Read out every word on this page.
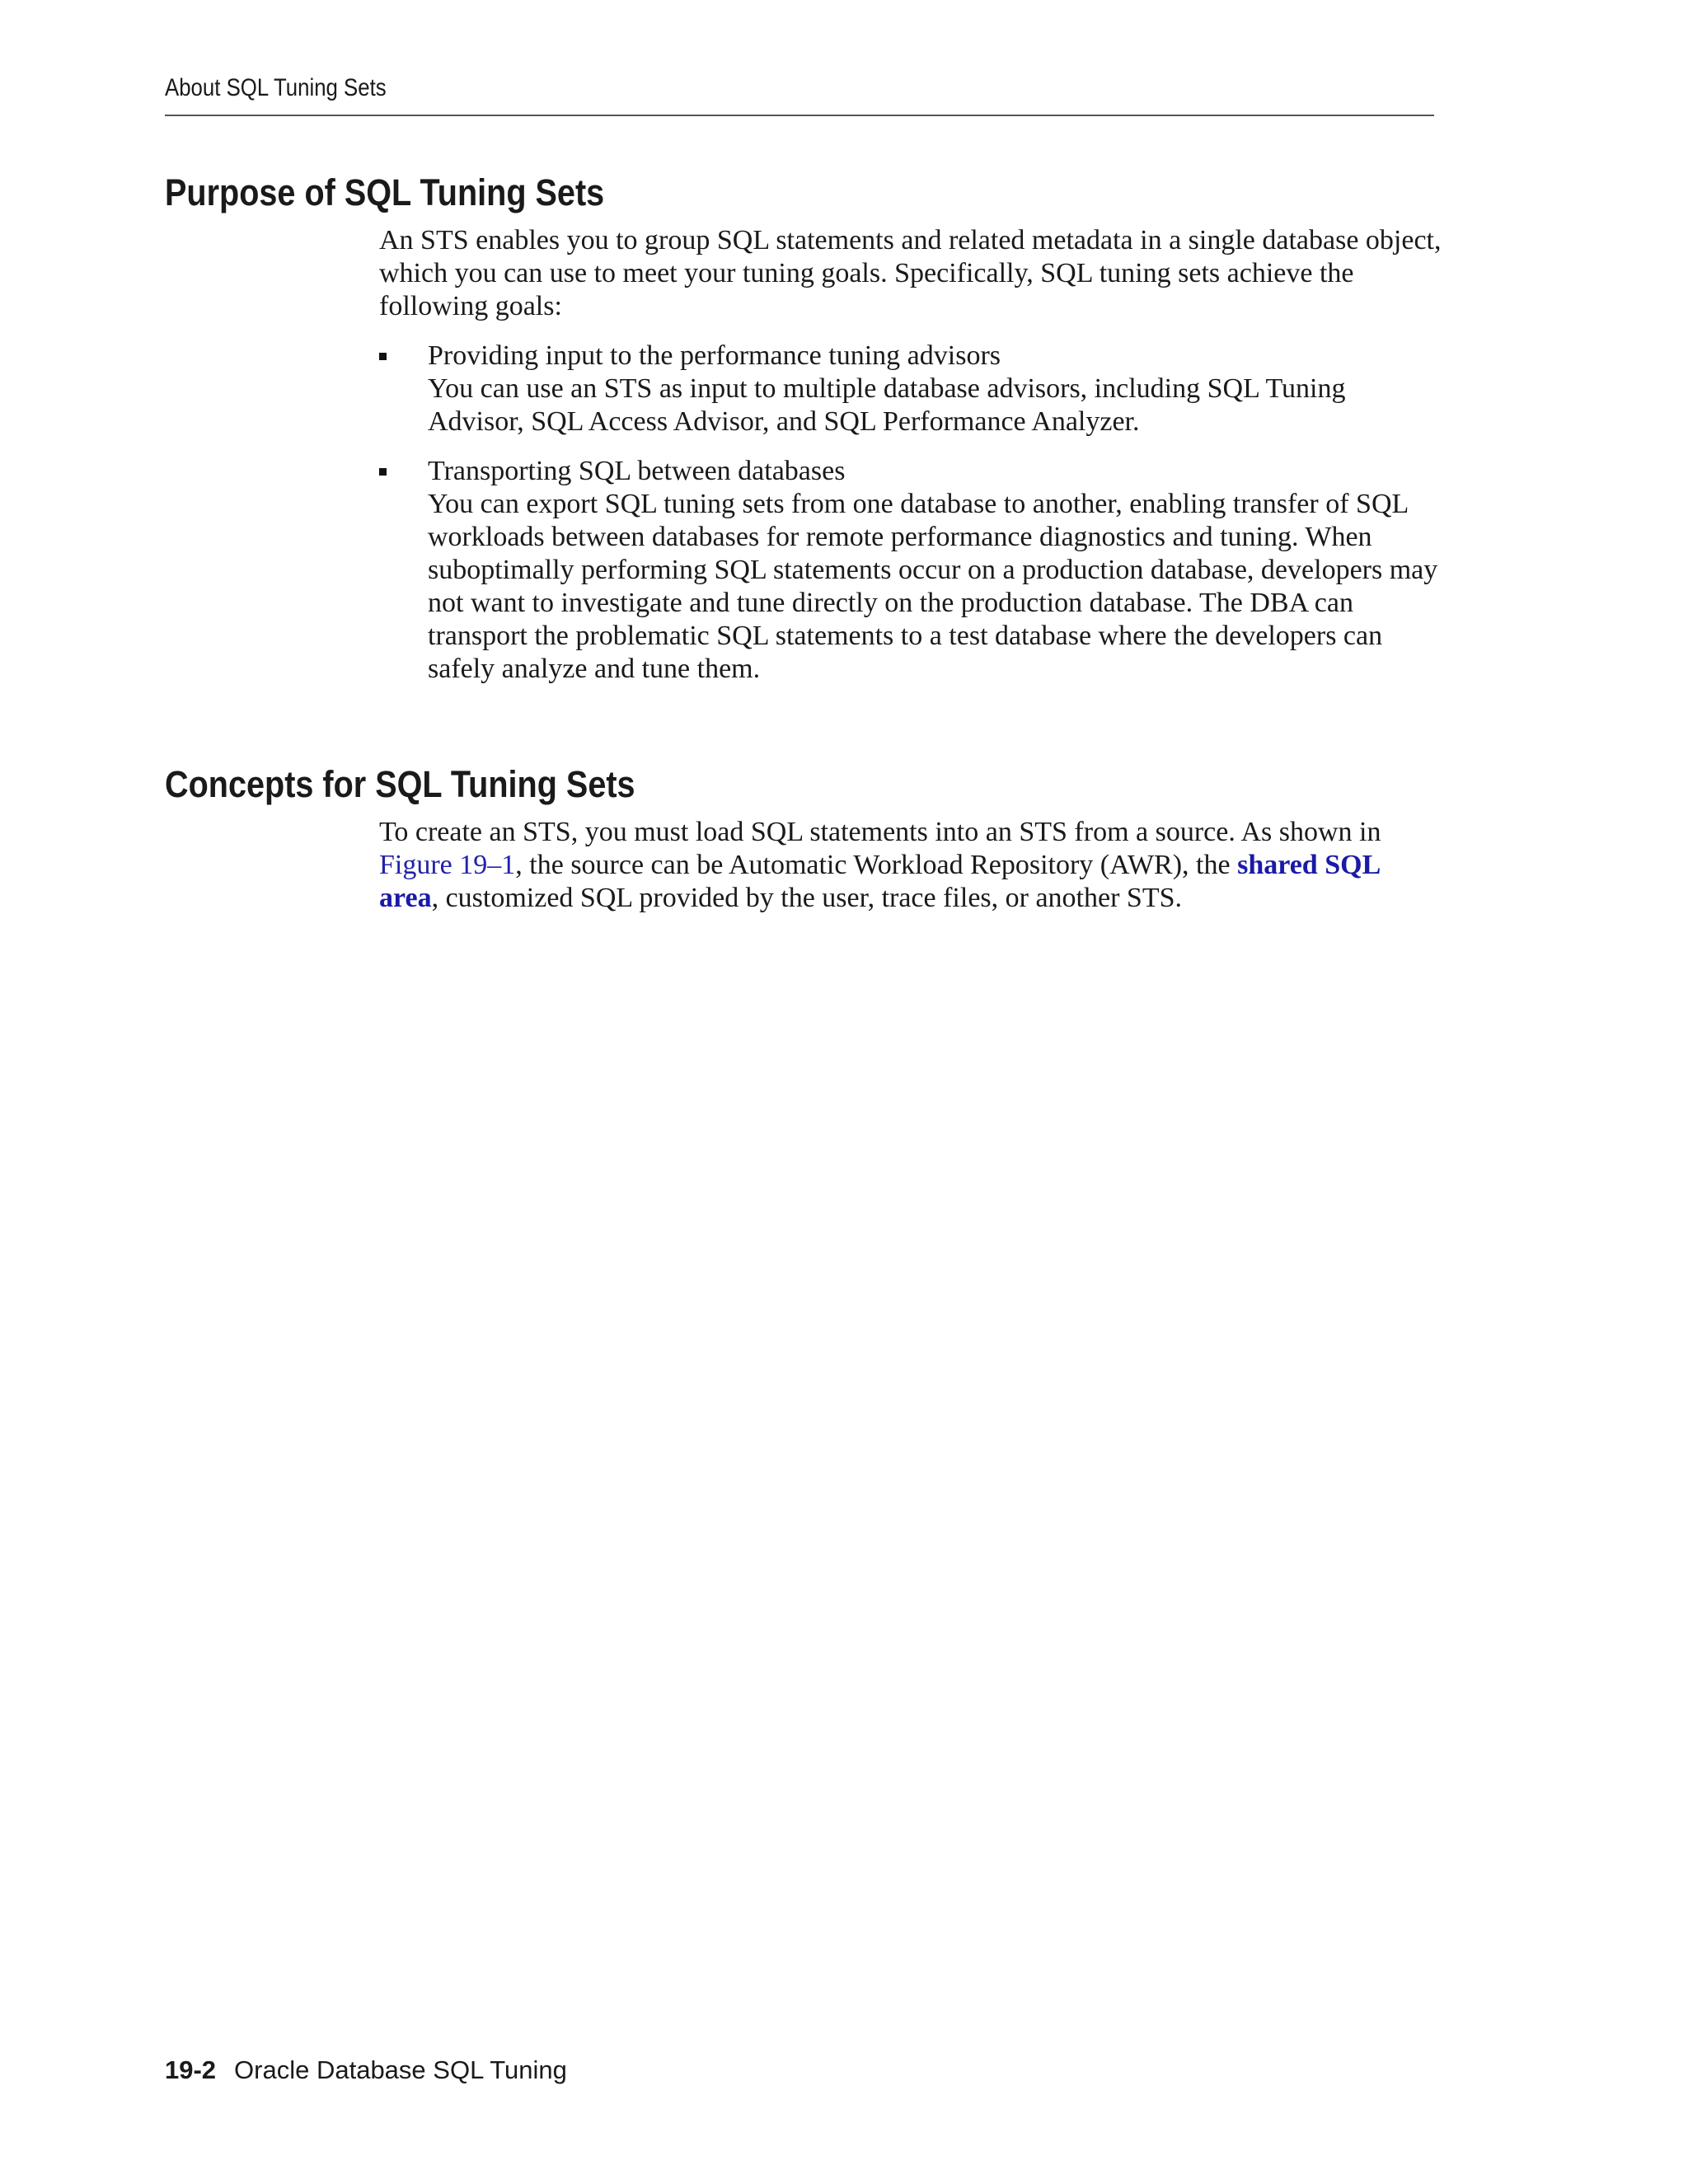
About SQL Tuning Sets
Purpose of SQL Tuning Sets

An STS enables you to group SQL statements and related metadata in a single database object, which you can use to meet your tuning goals. Specifically, SQL tuning sets achieve the following goals:

Providing input to the performance tuning advisors

You can use an STS as input to multiple database advisors, including SQL Tuning Advisor, SQL Access Advisor, and SQL Performance Analyzer.

Transporting SQL between databases

You can export SQL tuning sets from one database to another, enabling transfer of SQL workloads between databases for remote performance diagnostics and tuning. When suboptimally performing SQL statements occur on a production database, developers may not want to investigate and tune directly on the production database. The DBA can transport the problematic SQL statements to a test database where the developers can safely analyze and tune them.

Concepts for SQL Tuning Sets

To create an STS, you must load SQL statements into an STS from a source. As shown in Figure 19–1, the source can be Automatic Workload Repository (AWR), the shared SQL area, customized SQL provided by the user, trace files, or another STS.

19-2 Oracle Database SQL Tuning
